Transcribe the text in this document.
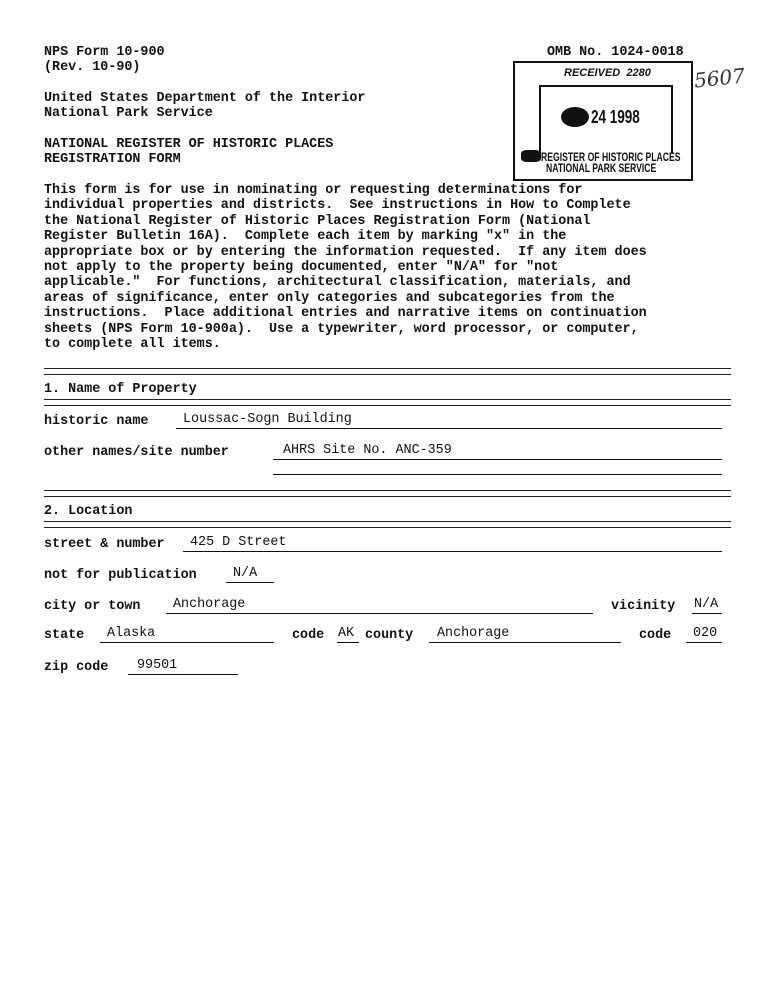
NPS Form 10-900
(Rev. 10-90)
OMB No. 1024-0018
United States Department of the Interior
National Park Service
NATIONAL REGISTER OF HISTORIC PLACES
REGISTRATION FORM
RECEIVED  2280
24 1998
REGISTER OF HISTORIC PLACES
NATIONAL PARK SERVICE
5607
This form is for use in nominating or requesting determinations for
individual properties and districts.  See instructions in How to Complete
the National Register of Historic Places Registration Form (National
Register Bulletin 16A).  Complete each item by marking "x" in the
appropriate box or by entering the information requested.  If any item does
not apply to the property being documented, enter "N/A" for "not
applicable."  For functions, architectural classification, materials, and
areas of significance, enter only categories and subcategories from the
instructions.  Place additional entries and narrative items on continuation
sheets (NPS Form 10-900a).  Use a typewriter, word processor, or computer,
to complete all items.
1. Name of Property
historic name	Loussac-Sogn Building
other names/site number	AHRS Site No. ANC-359
2. Location
street & number 425 D Street
not for publication	N/A
city or town Anchorage	vicinity N/A
state Alaska	code AK county Anchorage	code 020
zip code 99501
